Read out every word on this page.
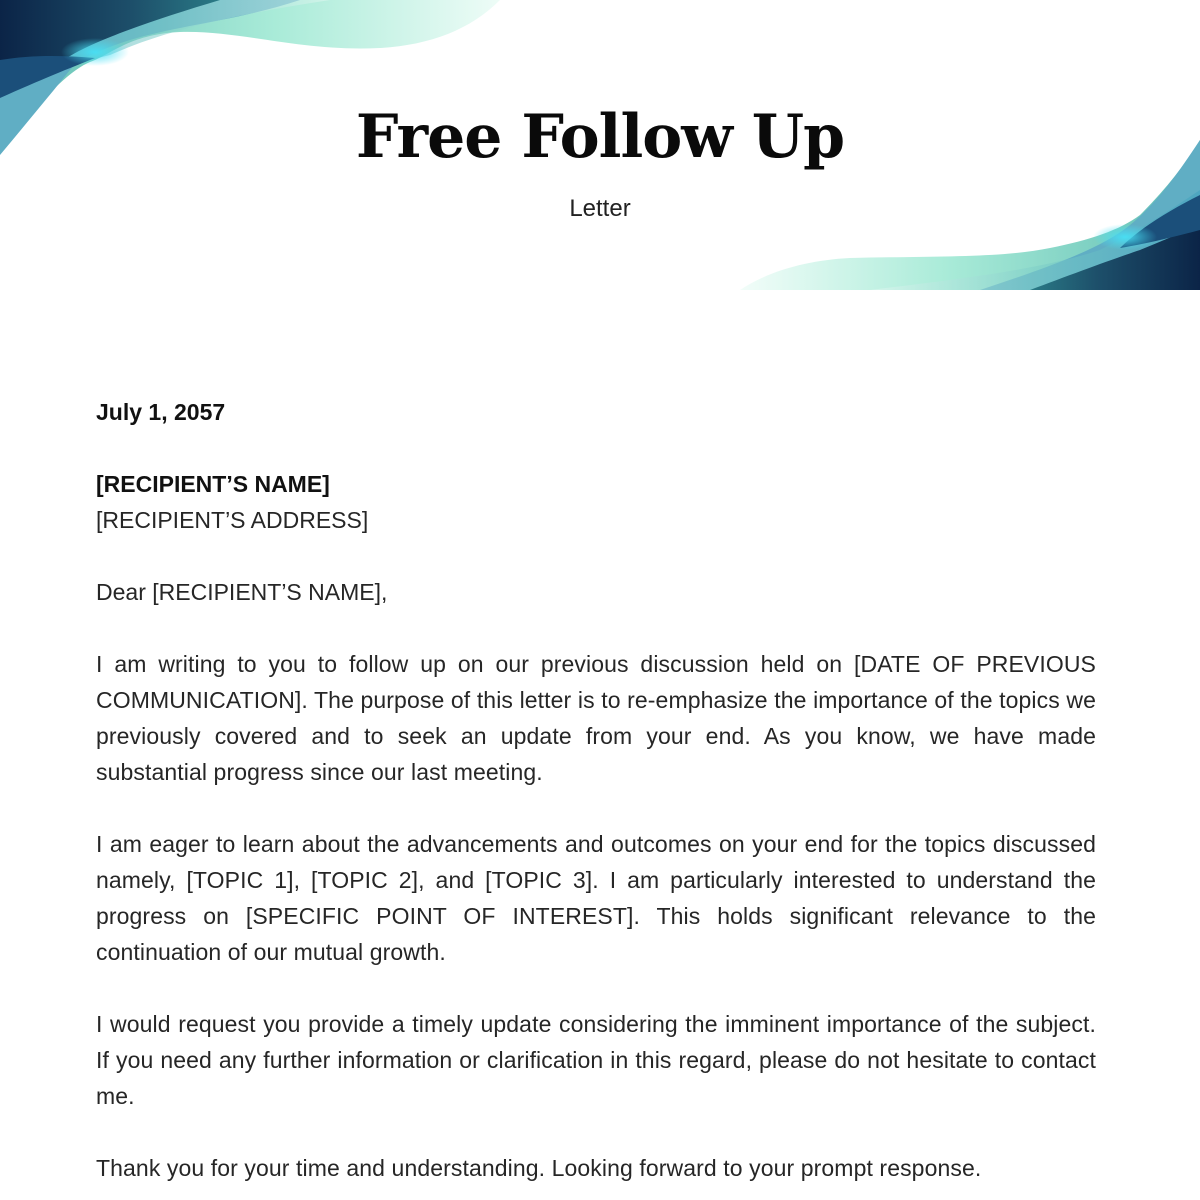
Free Follow Up

Letter

July 1, 2057

[RECIPIENT’S NAME]

[RECIPIENT’S ADDRESS]

Dear [RECIPIENT’S NAME],

I am writing to you to follow up on our previous discussion held on [DATE OF PREVIOUS COMMUNICATION]. The purpose of this letter is to re-emphasize the importance of the topics we previously covered and to seek an update from your end. As you know, we have made substantial progress since our last meeting.

I am eager to learn about the advancements and outcomes on your end for the topics discussed namely, [TOPIC 1], [TOPIC 2], and [TOPIC 3]. I am particularly interested to understand the progress on [SPECIFIC POINT OF INTEREST]. This holds significant relevance to the continuation of our mutual growth.

I would request you provide a timely update considering the imminent importance of the subject. If you need any further information or clarification in this regard, please do not hesitate to contact me.

Thank you for your time and understanding. Looking forward to your prompt response.
